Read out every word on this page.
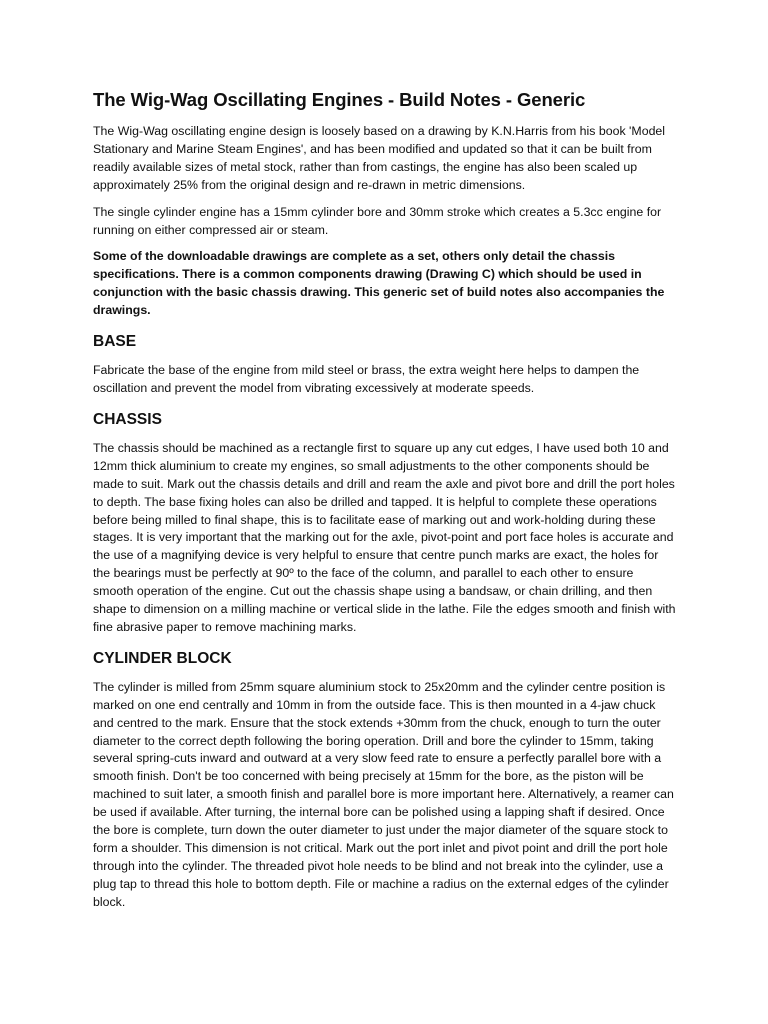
The Wig-Wag Oscillating Engines - Build Notes - Generic

The Wig-Wag oscillating engine design is loosely based on a drawing by K.N.Harris from his book 'Model Stationary and Marine Steam Engines', and has been modified and updated so that it can be built from readily available sizes of metal stock, rather than from castings, the engine has also been scaled up approximately 25% from the original design and re-drawn in metric dimensions.

The single cylinder engine has a 15mm cylinder bore and 30mm stroke which creates a 5.3cc engine for running on either compressed air or steam.

Some of the downloadable drawings are complete as a set, others only detail the chassis specifications. There is a common components drawing (Drawing C) which should be used in conjunction with the basic chassis drawing. This generic set of build notes also accompanies the drawings.

BASE

Fabricate the base of the engine from mild steel or brass, the extra weight here helps to dampen the oscillation and prevent the model from vibrating excessively at moderate speeds.

CHASSIS

The chassis should be machined as a rectangle first to square up any cut edges, I have used both 10 and 12mm thick aluminium to create my engines, so small adjustments to the other components should be made to suit. Mark out the chassis details and drill and ream the axle and pivot bore and drill the port holes to depth. The base fixing holes can also be drilled and tapped. It is helpful to complete these operations before being milled to final shape, this is to facilitate ease of marking out and work-holding during these stages. It is very important that the marking out for the axle, pivot-point and port face holes is accurate and the use of a magnifying device is very helpful to ensure that centre punch marks are exact, the holes for the bearings must be perfectly at 90º to the face of the column, and parallel to each other to ensure smooth operation of the engine. Cut out the chassis shape using a bandsaw, or chain drilling, and then shape to dimension on a milling machine or vertical slide in the lathe. File the edges smooth and finish with fine abrasive paper to remove machining marks.

CYLINDER BLOCK

The cylinder is milled from 25mm square aluminium stock to 25x20mm and the cylinder centre position is marked on one end centrally and 10mm in from the outside face. This is then mounted in a 4-jaw chuck and centred to the mark. Ensure that the stock extends +30mm from the chuck, enough to turn the outer diameter to the correct depth following the boring operation. Drill and bore the cylinder to 15mm, taking several spring-cuts inward and outward at a very slow feed rate to ensure a perfectly parallel bore with a smooth finish. Don't be too concerned with being precisely at 15mm for the bore, as the piston will be machined to suit later, a smooth finish and parallel bore is more important here. Alternatively, a reamer can be used if available. After turning, the internal bore can be polished using a lapping shaft if desired. Once the bore is complete, turn down the outer diameter to just under the major diameter of the square stock to form a shoulder. This dimension is not critical. Mark out the port inlet and pivot point and drill the port hole through into the cylinder. The threaded pivot hole needs to be blind and not break into the cylinder, use a plug tap to thread this hole to bottom depth. File or machine a radius on the external edges of the cylinder block.
